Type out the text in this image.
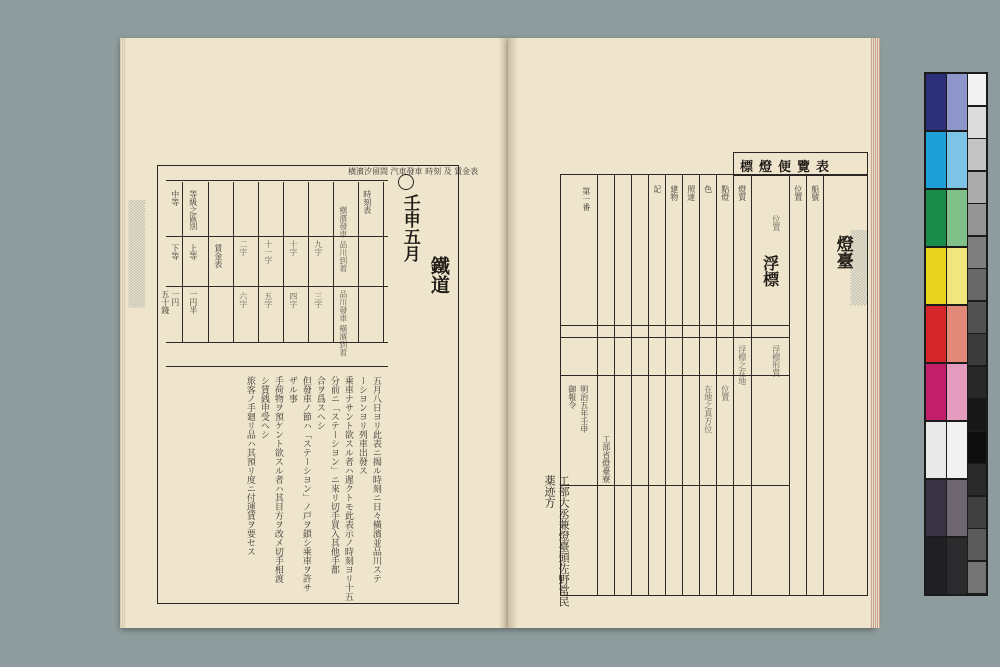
▒▒▒▒▒▒▒▒▒▒	▒▒▒▒▒▒▒
壬申五月
鐵道
橫濱汐留間 汽車發車 時刻 及 賃金表
時刻表
橫濱發車 品川到着
品川發車 橫濱到着
九字
十字
十一字
二字
三字
四字
五字
六字
賃金表
等級之區別
上等
中等
下等
一円半
一円
五十錢
五月八日ヨリ此表ニ揭ル時刻ニ日々橫濱並品川ステ
ーシヨンヨリ列車出發ス
乘車ナサント欲スル者ハ遲クトモ此表示ノ時刻ヨリ十五
分前ニ「ステーシヨン」ニ來リ切手買入其他手都
合ヲ爲スヘシ
但發車ノ節ハ「ステーシヨン」ノ戸ヲ鎖シ乘車ヲ許サ
ザル事
手荷物ヲ預ケント欲スル者ハ其目方ヲ改メ切手相渡
シ賃銭申受ヘシ
旅客ノ手廻リ品ハ其預リ度ニ付運賃ヲ要セス
標燈便覽表
燈臺
浮標
船號
位置
燈質
點燈
色
照達
建物
記
位置
浮標形質
浮標之在地
位置
在地之真方位
第一番
明治五年壬申
御報令
工部大丞兼燈臺頭佐野常民
薬迹方
工部省燈臺寮
